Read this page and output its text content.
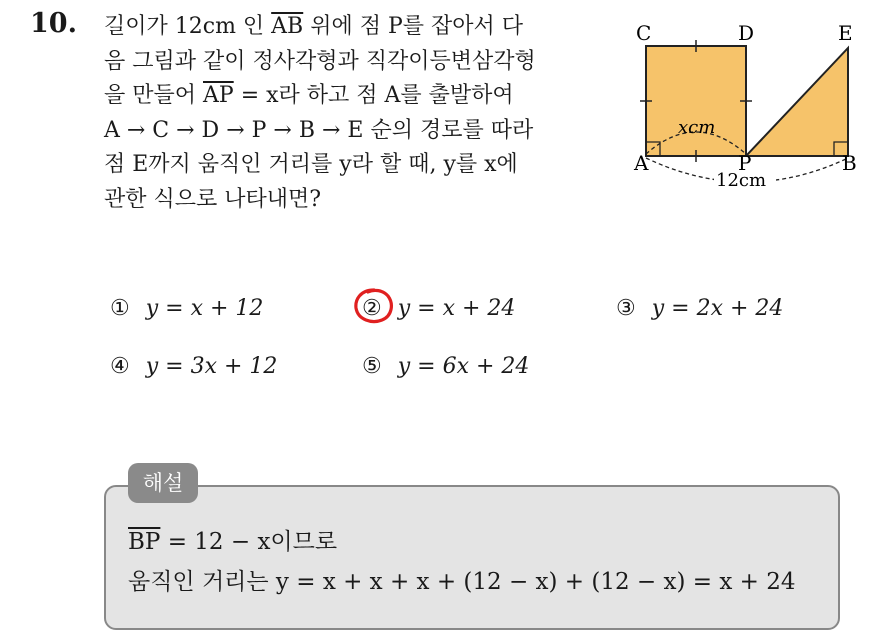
10. 길이가 12cm 인 $\overline{AB}$ 위에 점 P를 잡아서 다
음 그림과 같이 정사각형과 직각이등변삼각형
을 만들어 $\overline{AP} = x$라 하고 점 A를 출발하여
A → C → D → P → B → E 순의 경로를 따라
점 E까지 움직인 거리를 y라 할 때, y를 x에
관한 식으로 나타내면?
xcm
12cm
C	D	E
A	P	B
① y = x + 12	② y = x + 24	③ y = 2x + 24
④ y = 3x + 12	⑤ y = 6x + 24
해설
$\overline{BP} = 12 - x$이므로
움직인 거리는 y = x + x + x + (12 − x) + (12 − x) = x + 24
